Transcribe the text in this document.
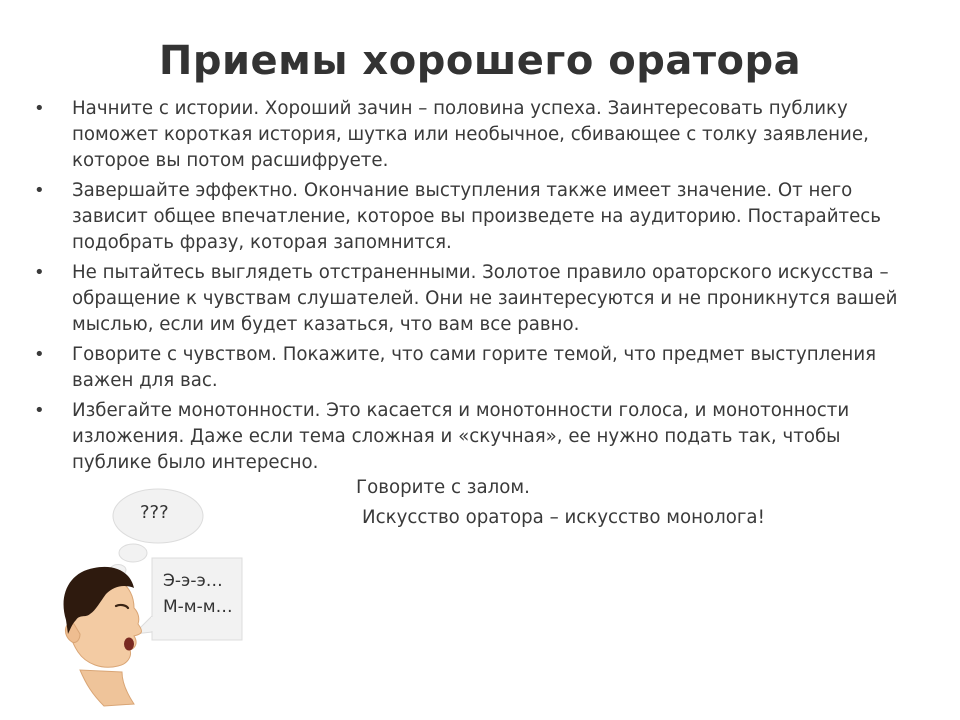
Приемы хорошего оратора
• Начните с истории. Хороший зачин – половина успеха. Заинтересовать публику поможет короткая история, шутка или необычное, сбивающее с толку заявление, которое вы потом расшифруете.
• Завершайте эффектно. Окончание выступления также имеет значение. От него зависит общее впечатление, которое вы произведете на аудиторию. Постарайтесь подобрать фразу, которая запомнится.
• Не пытайтесь выглядеть отстраненными. Золотое правило ораторского искусства – обращение к чувствам слушателей. Они не заинтересуются и не проникнутся вашей мыслью, если им будет казаться, что вам все равно.
• Говорите с чувством. Покажите, что сами горите темой, что предмет выступления важен для вас.
• Избегайте монотонности. Это касается и монотонности голоса, и монотонности изложения. Даже если тема сложная и «скучная», ее нужно подать так, чтобы публике было интересно.
Говорите с залом.
Искусство оратора – искусство монолога!
???
Э-э-э…
М-м-м…
